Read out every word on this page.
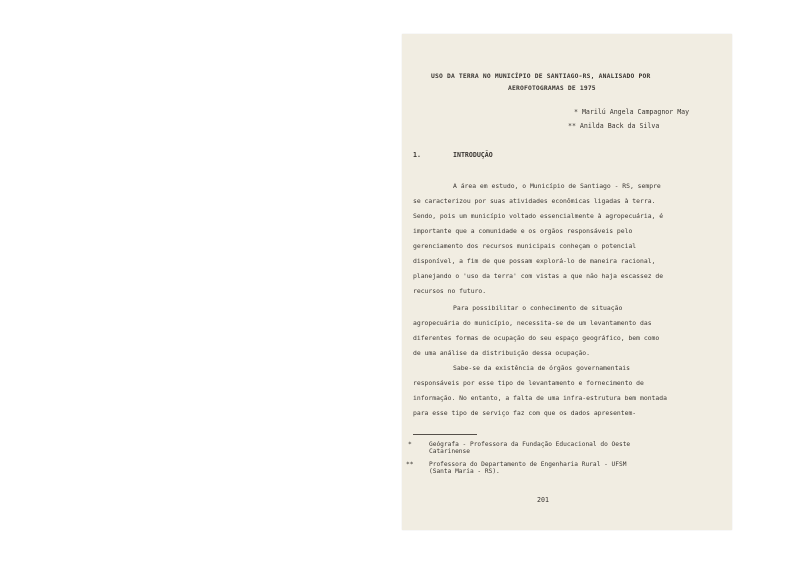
USO DA TERRA NO MUNICÍPIO DE SANTIAGO-RS, ANALISADO POR
AEROFOTOGRAMAS DE 1975
* Marilú Angela Campagnor May
** Anilda Back da Silva
1.	INTRODUÇÃO
A área em estudo, o Município de Santiago - RS, sempre
se caracterizou por suas atividades econômicas ligadas à terra.
Sendo, pois um município voltado essencialmente à agropecuária, é
importante que a comunidade e os orgãos responsáveis pelo
gerenciamento dos recursos municipais conheçam o potencial
disponível, a fim de que possam explorá-lo de maneira racional,
planejando o 'uso da terra' com vistas a que não haja escassez de
recursos no futuro.
Para possibilitar o conhecimento de situação
agropecuária do município, necessita-se de um levantamento das
diferentes formas de ocupação do seu espaço geográfico, bem como
de uma análise da distribuição dessa ocupação.
Sabe-se da existência de órgãos governamentais
responsáveis por esse tipo de levantamento e fornecimento de
informação. No entanto, a falta de uma infra-estrutura bem montada
para esse tipo de serviço faz com que os dados apresentem-
*	Geógrafa - Professora da Fundação Educacional do Oeste
Catarinense
**	Professora do Departamento de Engenharia Rural - UFSM
(Santa Maria - RS).
201
